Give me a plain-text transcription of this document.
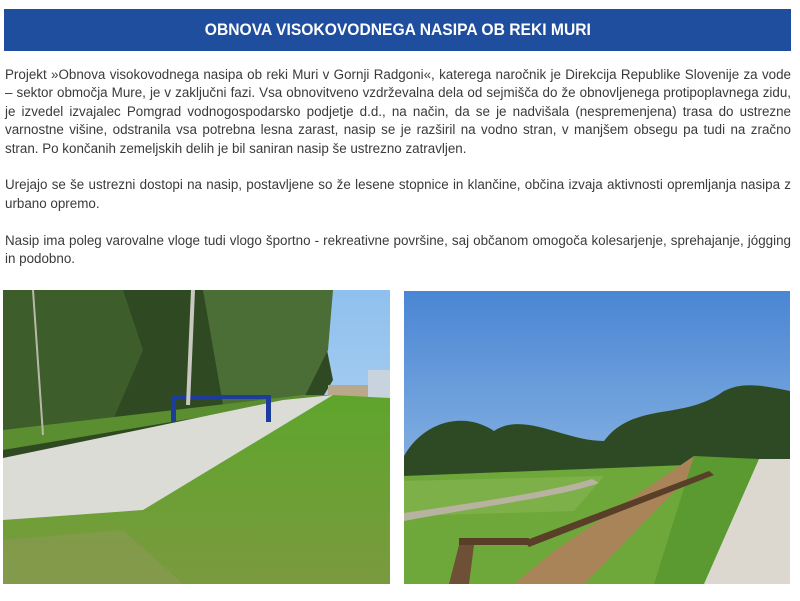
OBNOVA VISOKOVODNEGA NASIPA OB REKI MURI

Projekt »Obnova visokovodnega nasipa ob reki Muri v Gornji Radgoni«, katerega naročnik je Direkcija Republike Slovenije za vode – sektor območja Mure, je v zaključni fazi. Vsa obnovitveno vzdrževalna dela od sejmišča do že obnovljenega protipoplavnega zidu, je izvedel izvajalec Pomgrad vodnogospodarsko podjetje d.d., na način, da se je nadvišala (nespremenjena) trasa do ustrezne varnostne višine, odstranila vsa potrebna lesna zarast, nasip se je razširil na vodno stran, v manjšem obsegu pa tudi na zračno stran. Po končanih zemeljskih delih je bil saniran nasip še ustrezno zatravljen.

Urejajo se še ustrezni dostopi na nasip, postavljene so že lesene stopnice in klančine, občina izvaja aktivnosti opremljanja nasipa z urbano opremo.

Nasip ima poleg varovalne vloge tudi vlogo športno - rekreativne površine, saj občanom omogoča kolesarjenje, sprehajanje, jógging in podobno.
